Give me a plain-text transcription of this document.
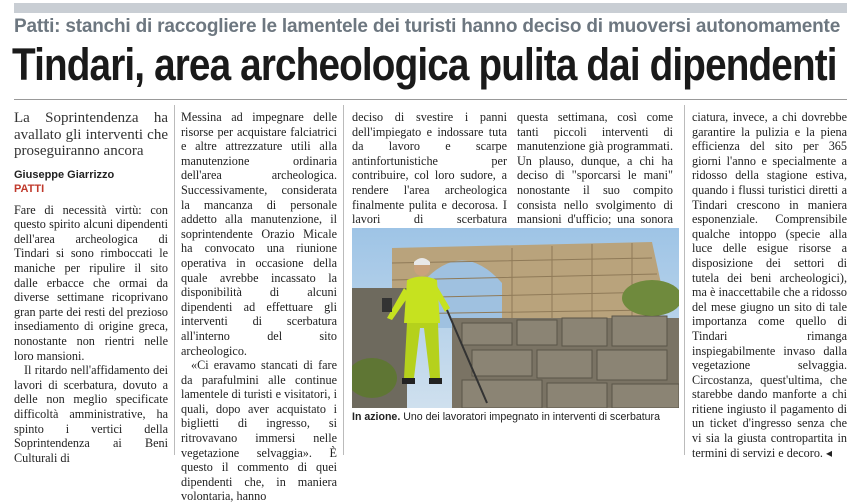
Patti: stanchi di raccogliere le lamentele dei turisti hanno deciso di muoversi autonomamente
Tindari, area archeologica pulita dai dipendenti
La Soprintendenza ha avallato gli interventi che proseguiranno ancora
Giuseppe Giarrizzo
PATTI

Fare di necessità virtù: con questo spirito alcuni dipendenti dell'area archeologica di Tindari si sono rimboccati le maniche per ripulire il sito dalle erbacce che ormai da diverse settimane ricoprivano gran parte dei resti del prezioso insediamento di origine greca, nonostante non rientri nelle loro mansioni.

Il ritardo nell'affidamento dei lavori di scerbatura, dovuto a delle non meglio specificate difficoltà amministrative, ha spinto i vertici della Soprintendenza ai Beni Culturali di

Messina ad impegnare delle risorse per acquistare falciatrici e altre attrezzature utili alla manutenzione ordinaria dell'area archeologica. Successivamente, considerata la mancanza di personale addetto alla manutenzione, il soprintendente Orazio Micale ha convocato una riunione operativa in occasione della quale avrebbe incassato la disponibilità di alcuni dipendenti ad effettuare gli interventi di scerbatura all'interno del sito archeologico.

«Ci eravamo stancati di fare da parafulmini alle continue lamentele di turisti e visitatori, i quali, dopo aver acquistato i biglietti di ingresso, si ritrovavano immersi nelle vegetazione selvaggia». È questo il commento di quei dipendenti che, in maniera volontaria, hanno

deciso di svestire i panni dell'impiegato e indossare tuta da lavoro e scarpe antinfortunistiche per contribuire, col loro sudore, a rendere l'area archeologica finalmente pulita e decorosa. I lavori di scerbatura

questa settimana, così come tanti piccoli interventi di manutenzione già programmati. Un plauso, dunque, a chi ha deciso di "sporcarsi le mani" nonostante il suo compito consista nello svolgimento di mansioni d'ufficio; una sonora

ciatura, invece, a chi dovrebbe garantire la pulizia e la piena efficienza del sito per 365 giorni l'anno e specialmente a ridosso della stagione estiva, quando i flussi turistici diretti a Tindari crescono in maniera esponenziale. Comprensibile qualche intoppo (specie alla luce delle esigue risorse a disposizione dei settori di tutela dei beni archeologici), ma è inaccettabile che a ridosso del mese giugno un sito di tale importanza come quello di Tindari rimanga inspiegabilmente invaso dalla vegetazione selvaggia. Circostanza, quest'ultima, che starebbe dando manforte a chi ritiene ingiusto il pagamento di un ticket d'ingresso senza che vi sia la giusta contropartita in termini di servizi e decoro. ◂

In azione. Uno dei lavoratori impegnato in interventi di scerbatura
